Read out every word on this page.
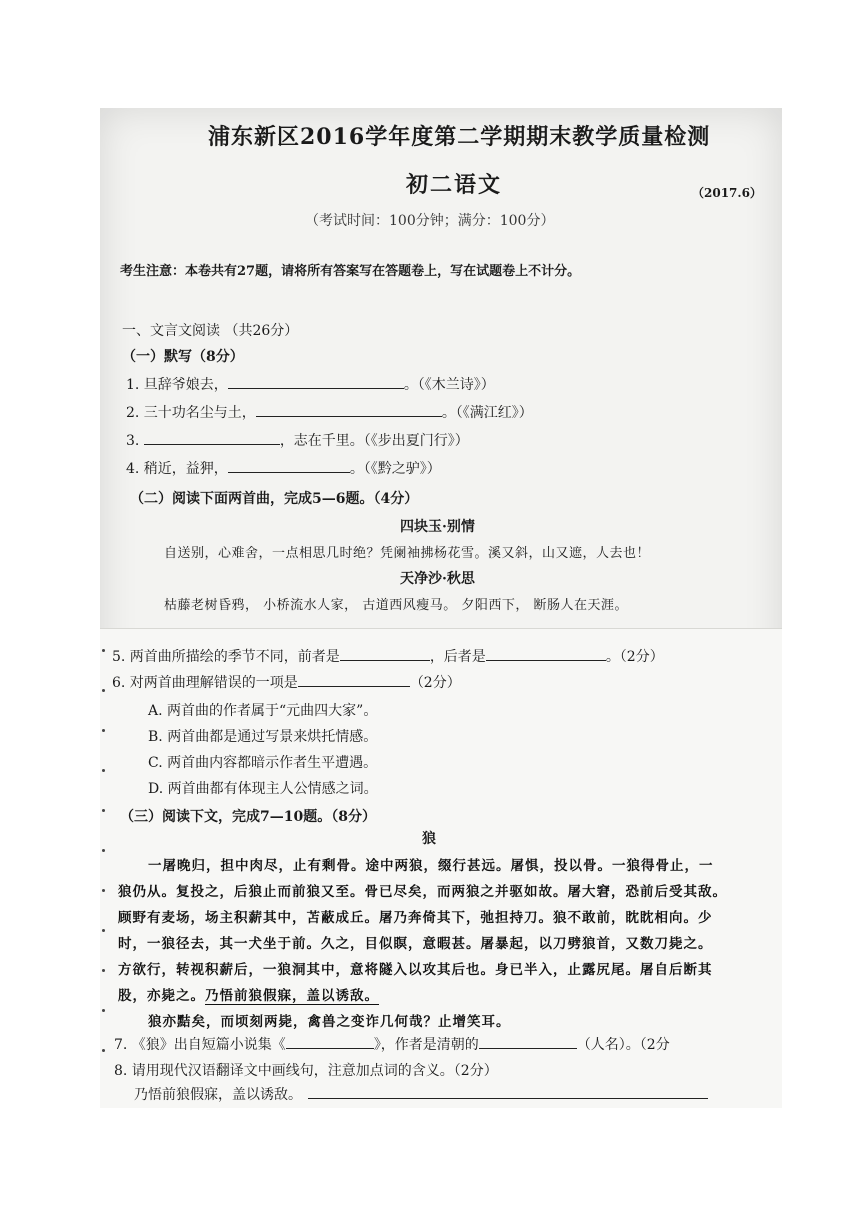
浦东新区2016学年度第二学期期末教学质量检测
初二语文	（2017.6）
（考试时间：100分钟；满分：100分）
考生注意：本卷共有27题，请将所有答案写在答题卷上，写在试题卷上不计分。
一、文言文阅读 （共26分）
（一）默写（8分）
1. 旦辞爷娘去，	。（《木兰诗》）
2. 三十功名尘与土，	。（《满江红》）
3.	，志在千里。（《步出夏门行》）
4. 稍近，益狎，	。（《黔之驴》）
（二）阅读下面两首曲，完成5—6题。（4分）
四块玉·别情
自送别，心难舍，一点相思几时绝？凭阑袖拂杨花雪。溪又斜，山又遮，人去也！
天净沙·秋思
枯藤老树昏鸦， 小桥流水人家， 古道西风瘦马。 夕阳西下， 断肠人在天涯。
5. 两首曲所描绘的季节不同，前者是	，后者是	。（2分）
6. 对两首曲理解错误的一项是	（2分）
A. 两首曲的作者属于“元曲四大家”。
B. 两首曲都是通过写景来烘托情感。
C. 两首曲内容都暗示作者生平遭遇。
D. 两首曲都有体现主人公情感之词。
（三）阅读下文，完成7—10题。（8分）
狼
一屠晚归，担中肉尽，止有剩骨。途中两狼，缀行甚远。屠惧，投以骨。一狼得骨止，一
狼仍从。复投之，后狼止而前狼又至。骨已尽矣，而两狼之并驱如故。屠大窘，恐前后受其敌。
顾野有麦场，场主积薪其中，苫蔽成丘。屠乃奔倚其下，弛担持刀。狼不敢前，眈眈相向。少
时，一狼径去，其一犬坐于前。久之，目似瞑，意暇甚。屠暴起，以刀劈狼首，又数刀毙之。
方欲行，转视积薪后，一狼洞其中，意将隧入以攻其后也。身已半入，止露尻尾。屠自后断其
股，亦毙之。乃悟前狼假寐，盖以诱敌。
狼亦黠矣，而顷刻两毙，禽兽之变诈几何哉？止增笑耳。
7. 《狼》出自短篇小说集《	》，作者是清朝的	（人名）。（2分
8. 请用现代汉语翻译文中画线句，注意加点词的含义。（2分）
乃悟前狼假寐，盖以诱敌。
